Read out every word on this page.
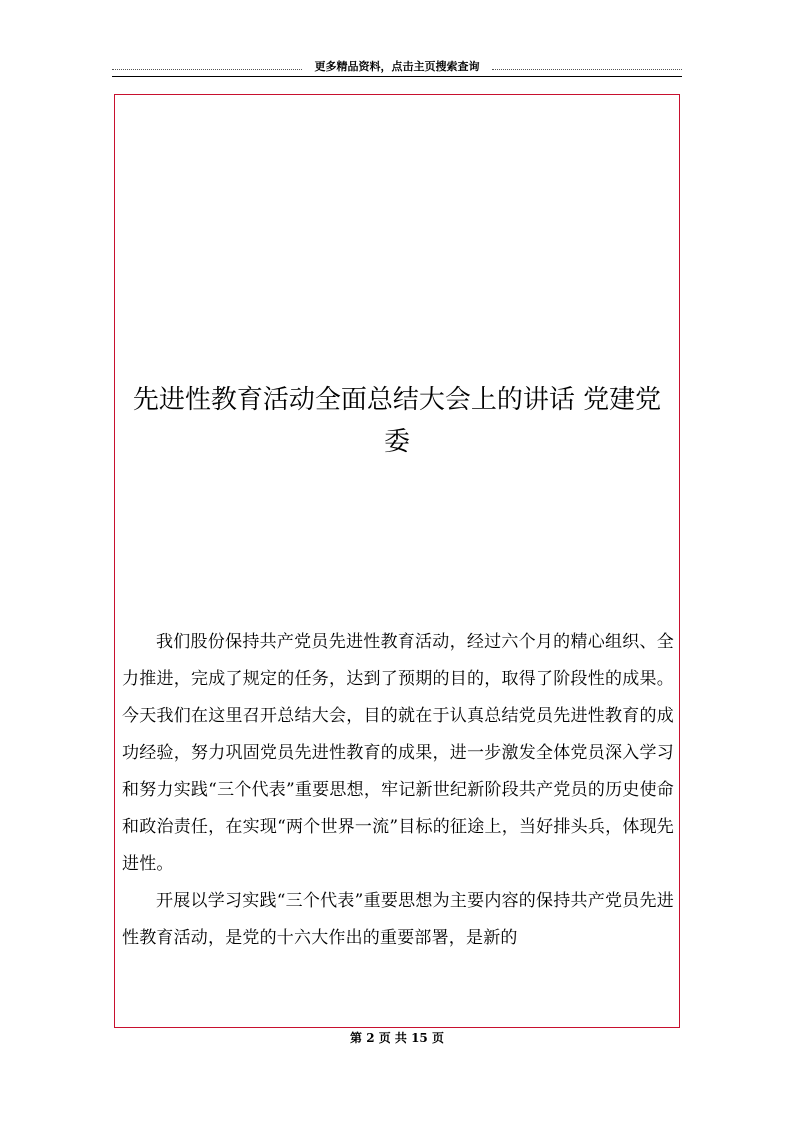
更多精品资料，点击主页搜索查询
先进性教育活动全面总结大会上的讲话 党建党委

我们股份保持共产党员先进性教育活动，经过六个月的精心组织、全力推进，完成了规定的任务，达到了预期的目的，取得了阶段性的成果。今天我们在这里召开总结大会，目的就在于认真总结党员先进性教育的成功经验，努力巩固党员先进性教育的成果，进一步激发全体党员深入学习和努力实践“三个代表”重要思想，牢记新世纪新阶段共产党员的历史使命和政治责任，在实现“两个世界一流”目标的征途上，当好排头兵，体现先进性。

开展以学习实践“三个代表”重要思想为主要内容的保持共产党员先进性教育活动，是党的十六大作出的重要部署，是新的

第 2 页 共 15 页
